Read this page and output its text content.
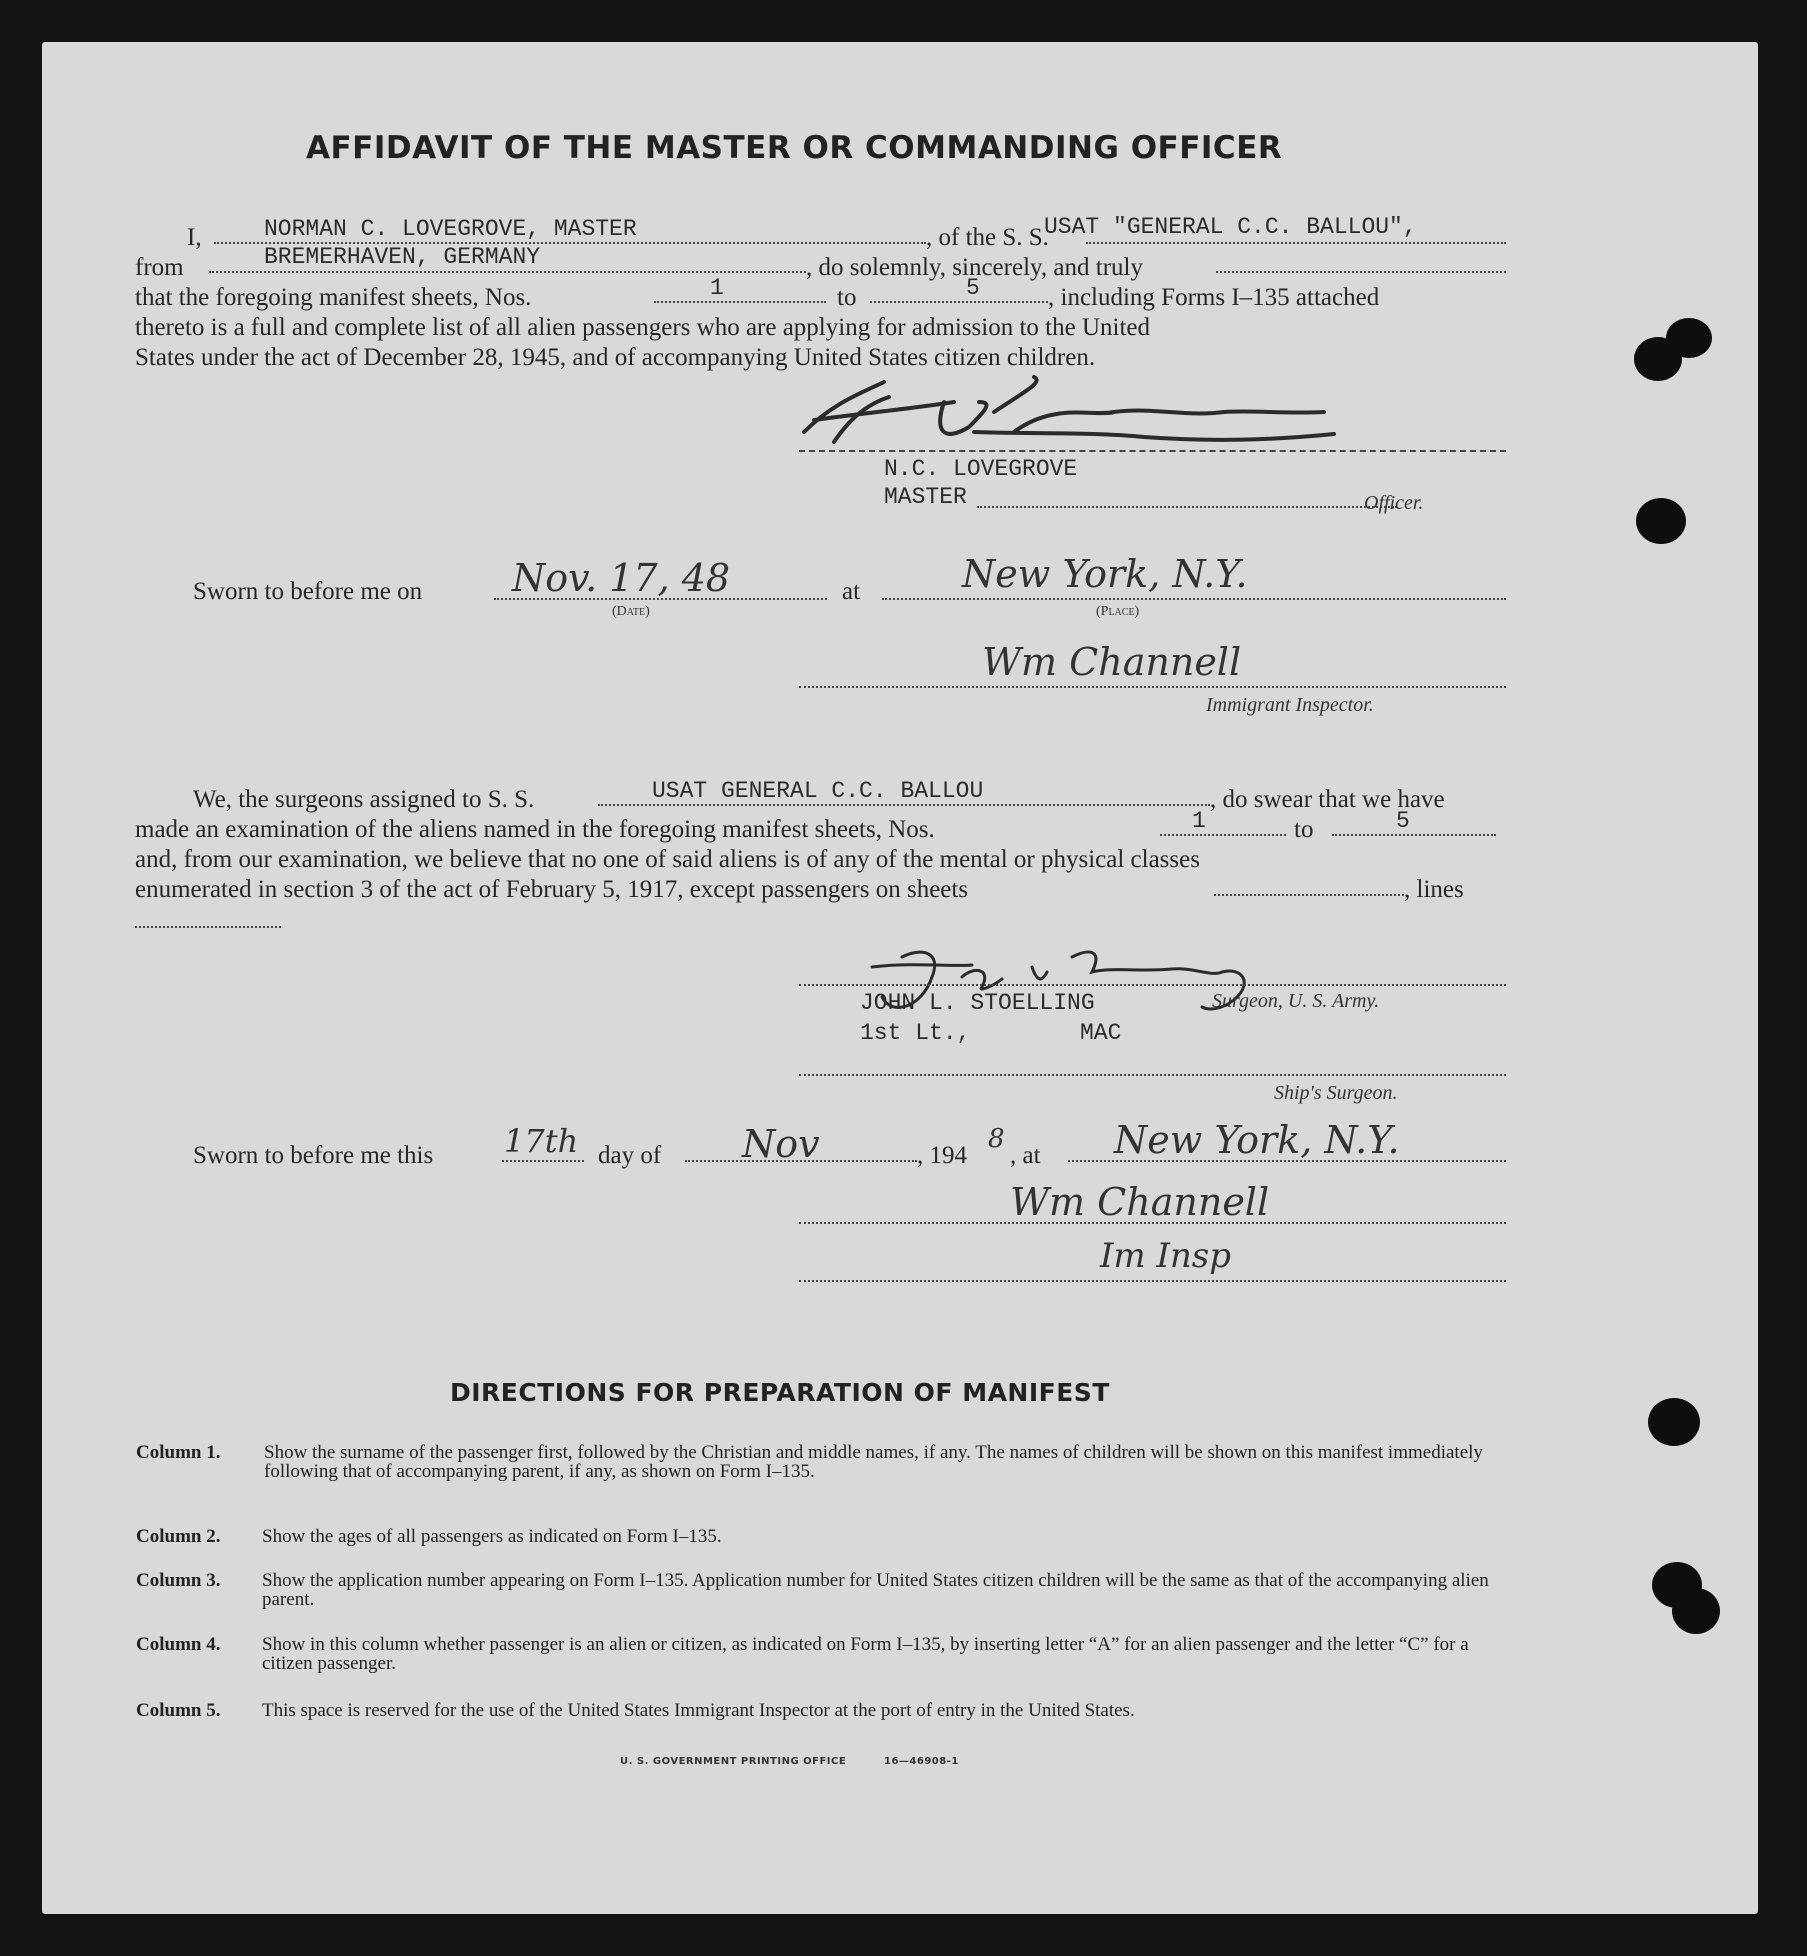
AFFIDAVIT OF THE MASTER OR COMMANDING OFFICER
I,	NORMAN C. LOVEGROVE, MASTER	, of the S. S.
USAT "GENERAL C.C. BALLOU",
from	BREMERHAVEN, GERMANY	, do solemnly, sincerely, and truly
that the foregoing manifest sheets, Nos.	1	to	5	, including Forms I–135 attached
thereto is a full and complete list of all alien passengers who are applying for admission to the United
States under the act of December 28, 1945, and of accompanying United States citizen children.
N.C. LOVEGROVE
MASTER	Officer.
Sworn to before me on Nov. 17, 48
(Date)
at	New York, N.Y.
(Place)
Wm Channell
Immigrant Inspector.
We, the surgeons assigned to S. S.	USAT GENERAL C.C. BALLOU	, do swear that we have
made an examination of the aliens named in the foregoing manifest sheets, Nos.	1	to	5
and, from our examination, we believe that no one of said aliens is of any of the mental or physical classes
enumerated in section 3 of the act of February 5, 1917, except passengers on sheets	, lines
JOHN L. STOELLING	Surgeon, U. S. Army.
1st Lt.,	MAC
Ship's Surgeon.
Sworn to before me this 17th day of Nov	, 194
8
, at New York, N.Y.
Wm Channell
Im Insp
DIRECTIONS FOR PREPARATION OF MANIFEST
Column 1. Show the surname of the passenger first, followed by the Christian and middle names, if any. The names of children will be shown on this manifest immediately following that of accompanying parent, if any, as shown on Form I–135.
Column 2. Show the ages of all passengers as indicated on Form I–135.
Column 3. Show the application number appearing on Form I–135. Application number for United States citizen children will be the same as that of the accompanying alien parent.
Column 4. Show in this column whether passenger is an alien or citizen, as indicated on Form I–135, by inserting letter “A” for an alien passenger and the letter “C” for a citizen passenger.
Column 5. This space is reserved for the use of the United States Immigrant Inspector at the port of entry in the United States.
U. S. GOVERNMENT PRINTING OFFICE	16—46908-1
